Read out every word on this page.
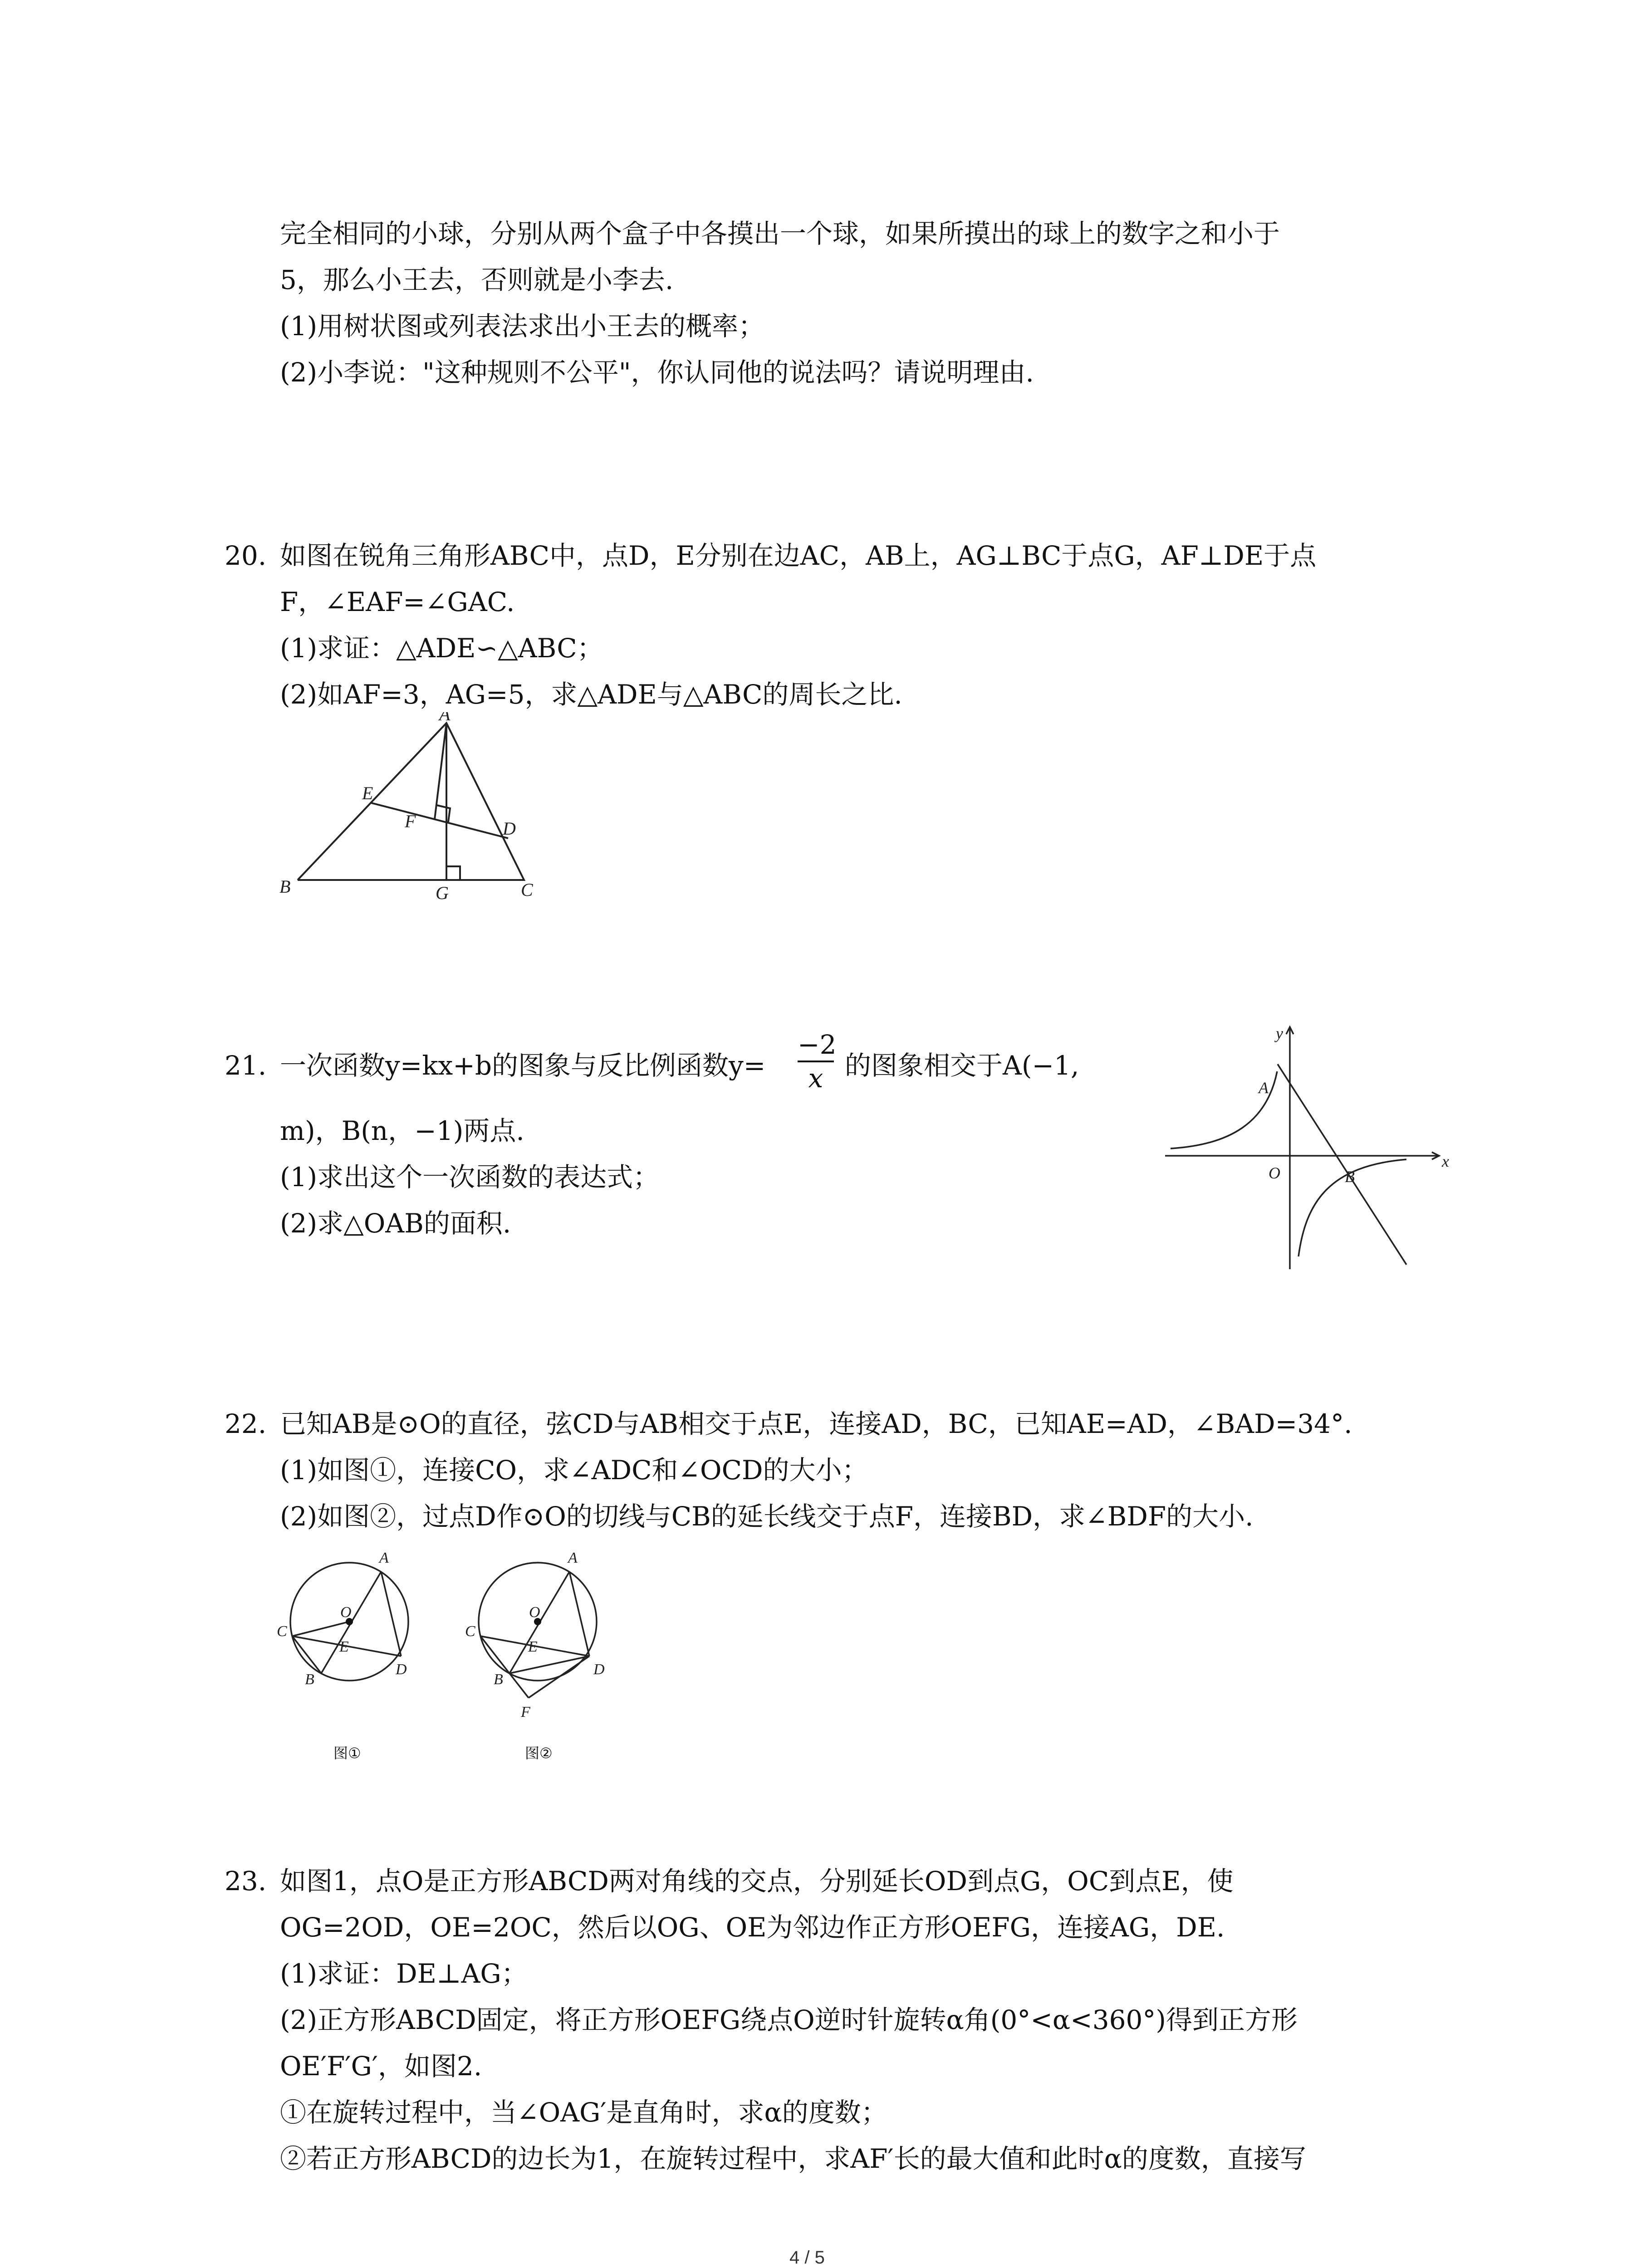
完全相同的小球，分别从两个盒子中各摸出一个球，如果所摸出的球上的数字之和小于
5，那么小王去，否则就是小李去.
(1)用树状图或列表法求出小王去的概率；
(2)小李说："这种规则不公平"，你认同他的说法吗？请说明理由.
20. 如图在锐角三角形ABC中，点D，E分别在边AC，AB上，AG⊥BC于点G，AF⊥DE于点
F，∠EAF=∠GAC.
(1)求证：△ADE∽△ABC；
(2)如AF=3，AG=5，求△ADE与△ABC的周长之比.
A
B	C
D
E
F
G
21. 一次函数y=kx+b的图象与反比例函数$y= \frac{-2}{x}$ 的图象相交于A(−1,
m)，B(n，−1)两点.
(1)求出这个一次函数的表达式；
(2)求△OAB的面积.
y
x
O
A
B
22. 已知AB是⊙O的直径，弦CD与AB相交于点E，连接AD，BC，已知AE=AD，∠BAD=34°.
(1)如图①，连接CO，求∠ADC和∠OCD的大小；
(2)如图②，过点D作⊙O的切线与CB的延长线交于点F，连接BD，求∠BDF的大小.
A
O
C
E
B
D
A
O
C
E
B
D
F
图①	图②
23. 如图1，点O是正方形ABCD两对角线的交点，分别延长OD到点G，OC到点E，使
OG=2OD，OE=2OC，然后以OG、OE为邻边作正方形OEFG，连接AG，DE.
(1)求证：DE⊥AG；
(2)正方形ABCD固定，将正方形OEFG绕点O逆时针旋转α角(0°<α<360°)得到正方形
OE′F′G′，如图2.
①在旋转过程中，当∠OAG′是直角时，求α的度数；
②若正方形ABCD的边长为1，在旋转过程中，求AF′长的最大值和此时α的度数，直接写
4 / 5
